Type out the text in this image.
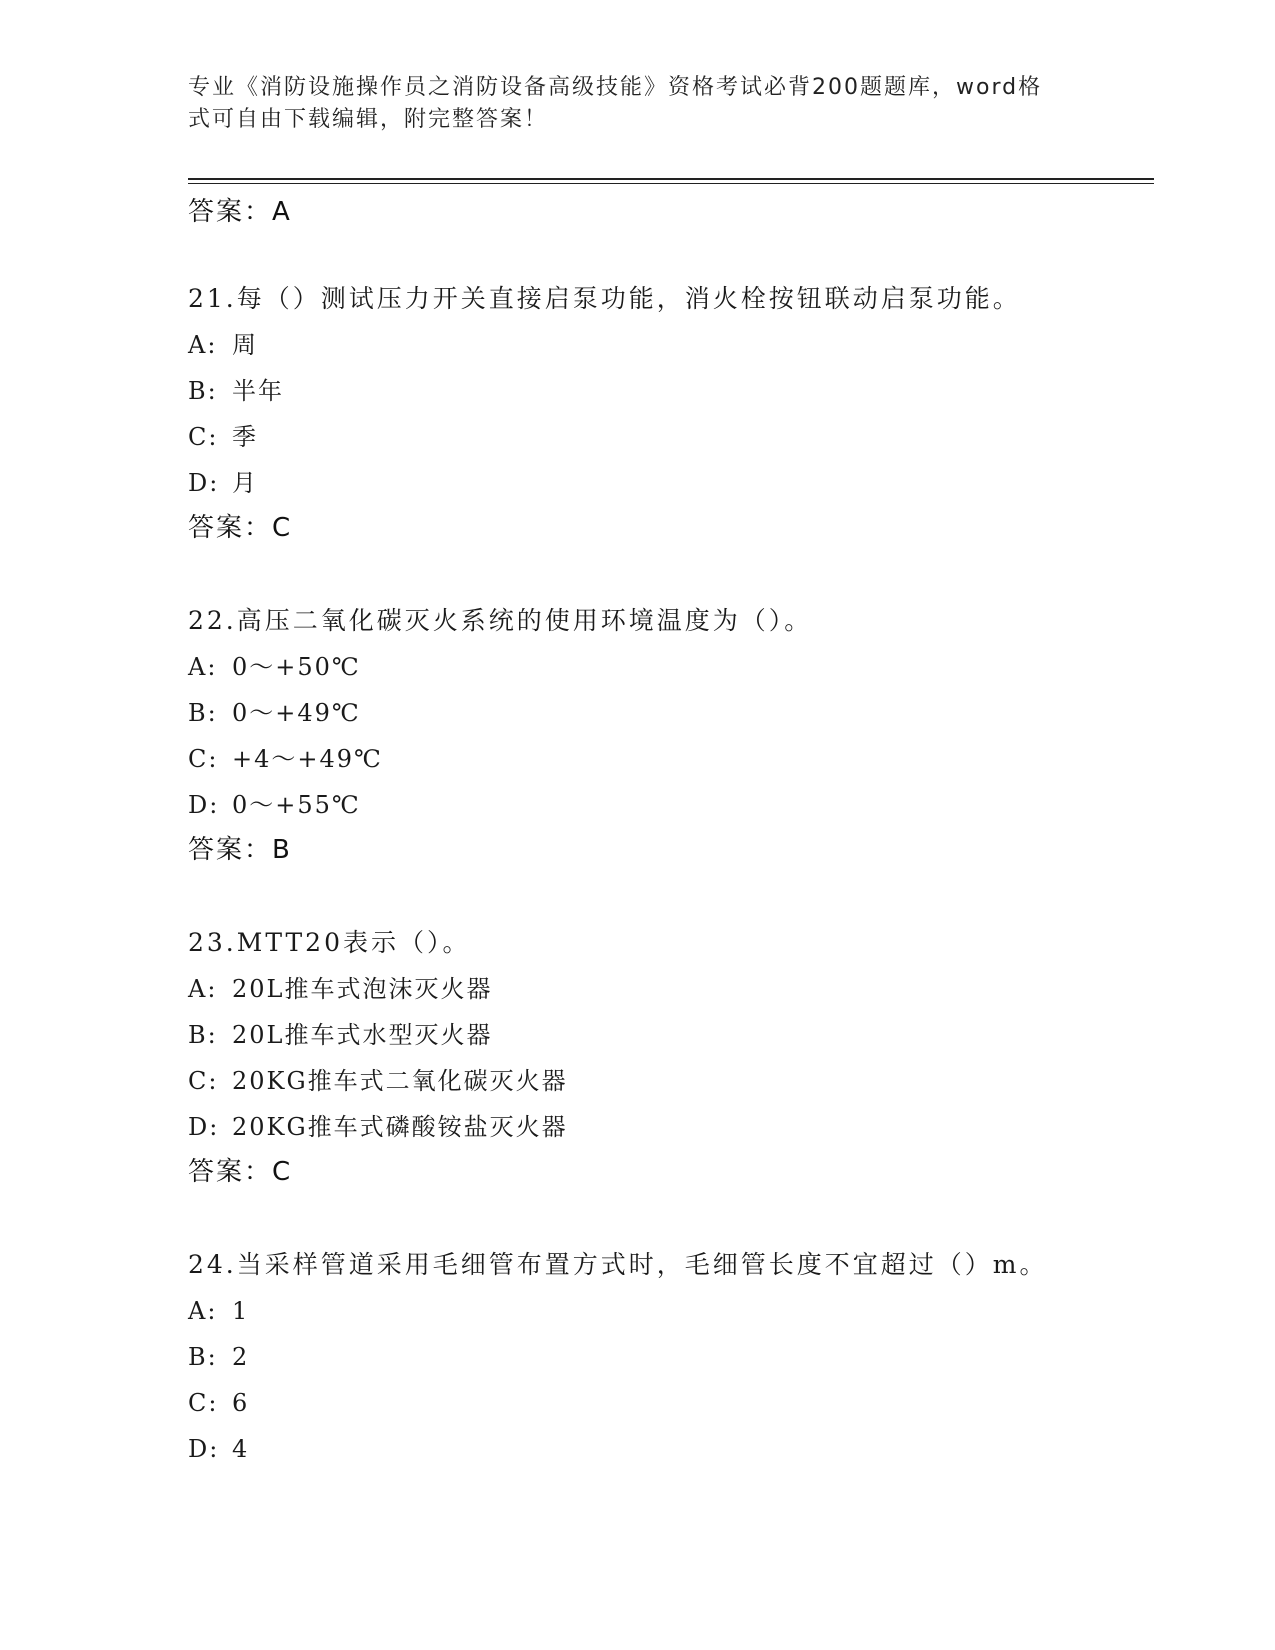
专业《消防设施操作员之消防设备高级技能》资格考试必背200题题库，word格
式可自由下载编辑，附完整答案！
答案：A
21.每（）测试压力开关直接启泵功能，消火栓按钮联动启泵功能。
A: 周
B: 半年
C: 季
D: 月
答案：C
22.高压二氧化碳灭火系统的使用环境温度为（）。
A: 0～+50℃
B: 0～+49℃
C: +4～+49℃
D: 0～+55℃
答案：B
23.MTT20表示（）。
A: 20L推车式泡沫灭火器
B: 20L推车式水型灭火器
C: 20KG推车式二氧化碳灭火器
D: 20KG推车式磷酸铵盐灭火器
答案：C
24.当采样管道采用毛细管布置方式时，毛细管长度不宜超过（）m。
A: 1
B: 2
C: 6
D: 4
